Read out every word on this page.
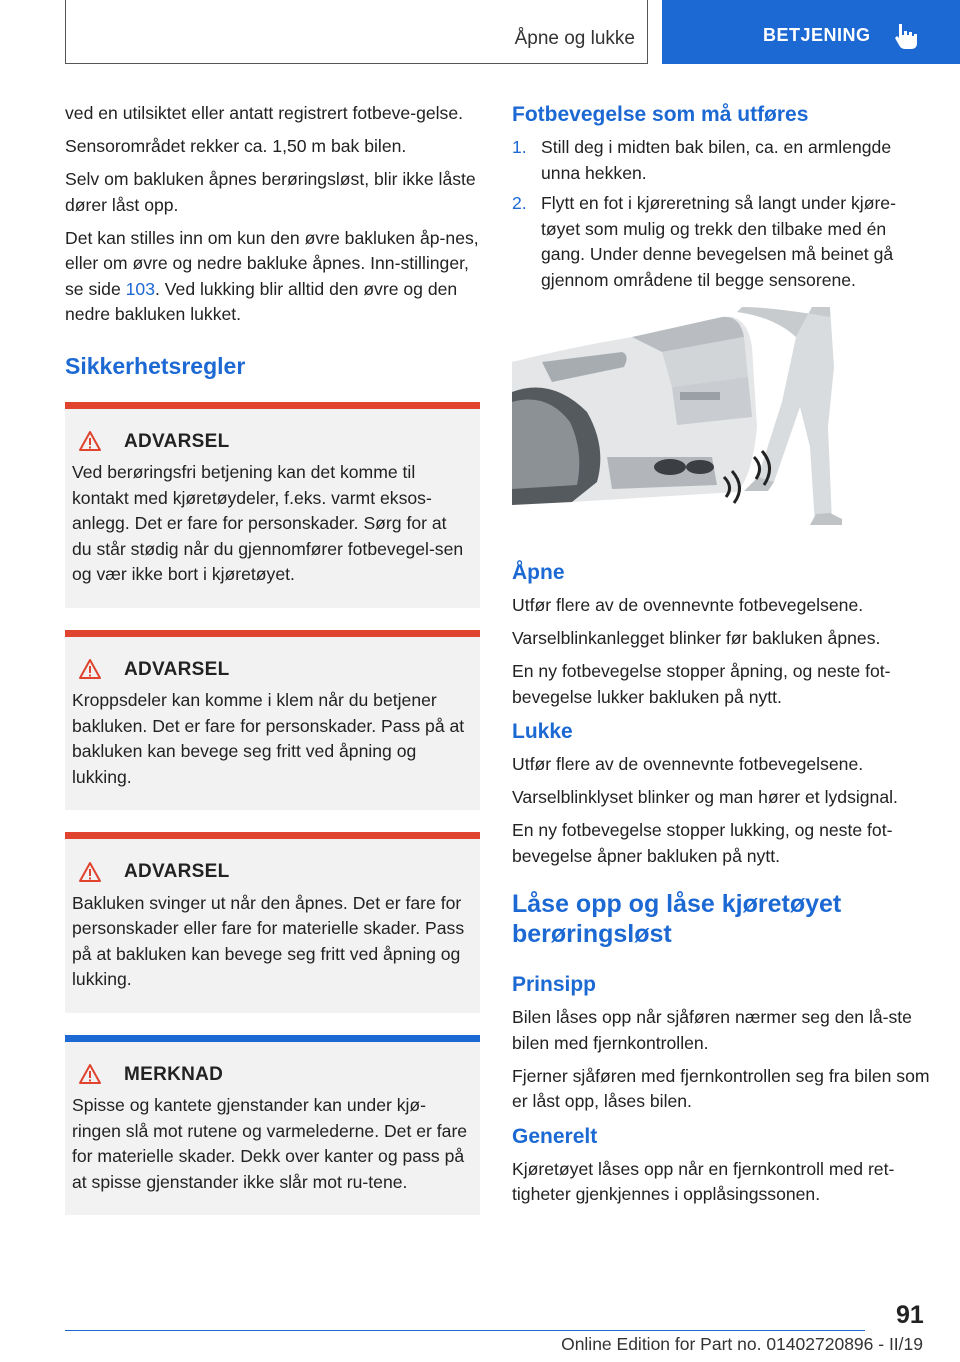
Åpne og lukke	BETJENING

ved en utilsiktet eller antatt registrert fotbeve-gelse.

Sensorområdet rekker ca. 1,50 m bak bilen.

Selv om bakluken åpnes berøringsløst, blir ikke låste dører låst opp.

Det kan stilles inn om kun den øvre bakluken åp-nes, eller om øvre og nedre bakluke åpnes. Inn-stillinger, se side 103. Ved lukking blir alltid den øvre og den nedre bakluken lukket.

Sikkerhetsregler
ADVARSEL
Ved berøringsfri betjening kan det komme til kontakt med kjøretøydeler, f.eks. varmt eksos-anlegg. Det er fare for personskader. Sørg for at du står stødig når du gjennomfører fotbevegel-sen og vær ikke bort i kjøretøyet.
ADVARSEL
Kroppsdeler kan komme i klem når du betjener bakluken. Det er fare for personskader. Pass på at bakluken kan bevege seg fritt ved åpning og lukking.
ADVARSEL
Bakluken svinger ut når den åpnes. Det er fare for personskader eller fare for materielle skader. Pass på at bakluken kan bevege seg fritt ved åpning og lukking.
MERKNAD
Spisse og kantete gjenstander kan under kjø-ringen slå mot rutene og varmelederne. Det er fare for materielle skader. Dekk over kanter og pass på at spisse gjenstander ikke slår mot ru-tene.
Fotbevegelse som må utføres
1. Still deg i midten bak bilen, ca. en armlengde unna hekken.
2. Flytt en fot i kjøreretning så langt under kjøre-tøyet som mulig og trekk den tilbake med én gang. Under denne bevegelsen må beinet gå gjennom områdene til begge sensorene.
Åpne

Utfør flere av de ovennevnte fotbevegelsene.

Varselblinkanlegget blinker før bakluken åpnes.

En ny fotbevegelse stopper åpning, og neste fot-bevegelse lukker bakluken på nytt.

Lukke

Utfør flere av de ovennevnte fotbevegelsene.

Varselblinklyset blinker og man hører et lydsignal.

En ny fotbevegelse stopper lukking, og neste fot-bevegelse åpner bakluken på nytt.

Låse opp og låse kjøretøyet berøringsløst
Prinsipp

Bilen låses opp når sjåføren nærmer seg den lå-ste bilen med fjernkontrollen.

Fjerner sjåføren med fjernkontrollen seg fra bilen som er låst opp, låses bilen.

Generelt

Kjøretøyet låses opp når en fjernkontroll med ret-tigheter gjenkjennes i opplåsingssonen.

91
Online Edition for Part no. 01402720896 - II/19
